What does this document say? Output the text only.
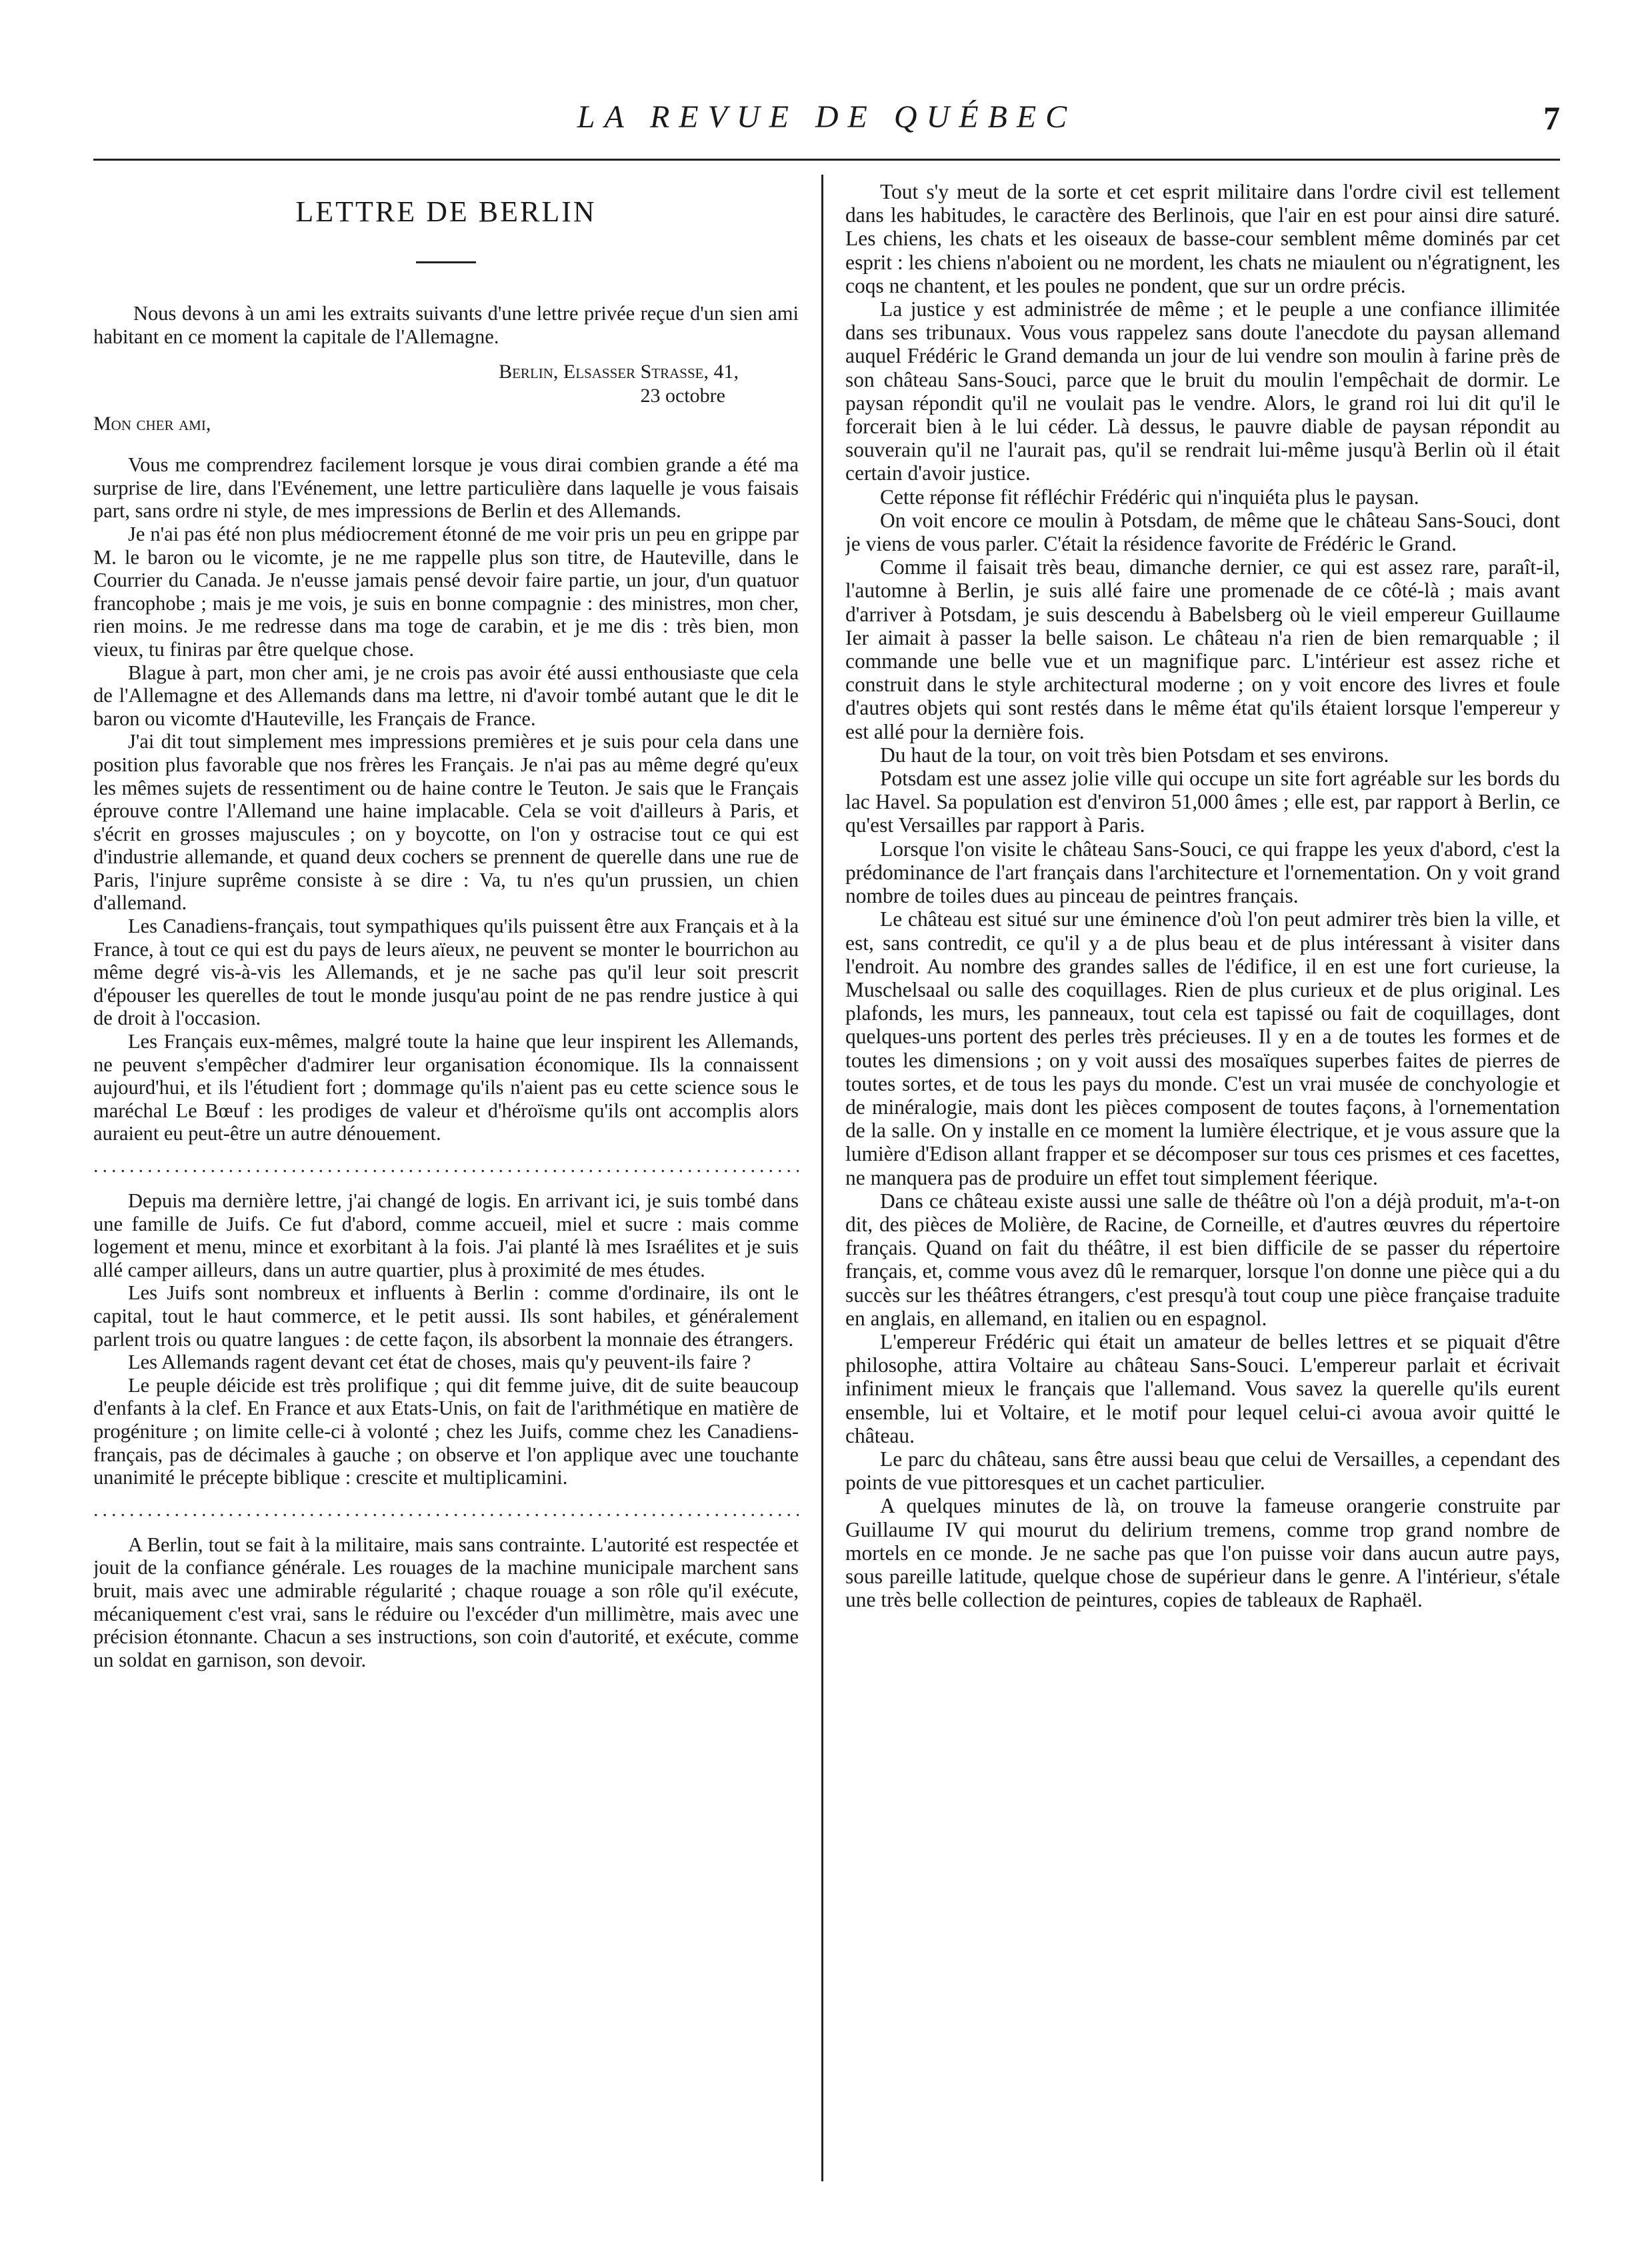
LA REVUE DE QUÉBEC	7
LETTRE DE BERLIN

Nous devons à un ami les extraits suivants d'une lettre privée reçue d'un sien ami habitant en ce moment la capitale de l'Allemagne.

Berlin, Elsasser Strasse, 41,
23 octobre
Mon cher ami,

Vous me comprendrez facilement lorsque je vous dirai combien grande a été ma surprise de lire, dans l'Evénement, une lettre particulière dans laquelle je vous faisais part, sans ordre ni style, de mes impressions de Berlin et des Allemands.

Je n'ai pas été non plus médiocrement étonné de me voir pris un peu en grippe par M. le baron ou le vicomte, je ne me rappelle plus son titre, de Hauteville, dans le Courrier du Canada. Je n'eusse jamais pensé devoir faire partie, un jour, d'un quatuor francophobe ; mais je me vois, je suis en bonne compagnie : des ministres, mon cher, rien moins. Je me redresse dans ma toge de carabin, et je me dis : très bien, mon vieux, tu finiras par être quelque chose.

Blague à part, mon cher ami, je ne crois pas avoir été aussi enthousiaste que cela de l'Allemagne et des Allemands dans ma lettre, ni d'avoir tombé autant que le dit le baron ou vicomte d'Hauteville, les Français de France.

J'ai dit tout simplement mes impressions premières et je suis pour cela dans une position plus favorable que nos frères les Français. Je n'ai pas au même degré qu'eux les mêmes sujets de ressentiment ou de haine contre le Teuton. Je sais que le Français éprouve contre l'Allemand une haine implacable. Cela se voit d'ailleurs à Paris, et s'écrit en grosses majuscules ; on y boycotte, on l'on y ostracise tout ce qui est d'industrie allemande, et quand deux cochers se prennent de querelle dans une rue de Paris, l'injure suprême consiste à se dire : Va, tu n'es qu'un prussien, un chien d'allemand.

Les Canadiens-français, tout sympathiques qu'ils puissent être aux Français et à la France, à tout ce qui est du pays de leurs aïeux, ne peuvent se monter le bourrichon au même degré vis-à-vis les Allemands, et je ne sache pas qu'il leur soit prescrit d'épouser les querelles de tout le monde jusqu'au point de ne pas rendre justice à qui de droit à l'occasion.

Les Français eux-mêmes, malgré toute la haine que leur inspirent les Allemands, ne peuvent s'empêcher d'admirer leur organisation économique. Ils la connaissent aujourd'hui, et ils l'étudient fort ; dommage qu'ils n'aient pas eu cette science sous le maréchal Le Bœuf : les prodiges de valeur et d'héroïsme qu'ils ont accomplis alors auraient eu peut-être un autre dénouement.

.....

Depuis ma dernière lettre, j'ai changé de logis. En arrivant ici, je suis tombé dans une famille de Juifs. Ce fut d'abord, comme accueil, miel et sucre : mais comme logement et menu, mince et exorbitant à la fois. J'ai planté là mes Israélites et je suis allé camper ailleurs, dans un autre quartier, plus à proximité de mes études.

Les Juifs sont nombreux et influents à Berlin : comme d'ordinaire, ils ont le capital, tout le haut commerce, et le petit aussi. Ils sont habiles, et généralement parlent trois ou quatre langues : de cette façon, ils absorbent la monnaie des étrangers.

Les Allemands ragent devant cet état de choses, mais qu'y peuvent-ils faire ?

Le peuple déicide est très prolifique ; qui dit femme juive, dit de suite beaucoup d'enfants à la clef. En France et aux Etats-Unis, on fait de l'arithmétique en matière de progéniture ; on limite celle-ci à volonté ; chez les Juifs, comme chez les Canadiens-français, pas de décimales à gauche ; on observe et l'on applique avec une touchante unanimité le précepte biblique : crescite et multiplicamini.

.....

A Berlin, tout se fait à la militaire, mais sans contrainte. L'autorité est respectée et jouit de la confiance générale. Les rouages de la machine municipale marchent sans bruit, mais avec une admirable régularité ; chaque rouage a son rôle qu'il exécute, mécaniquement c'est vrai, sans le réduire ou l'excéder d'un millimètre, mais avec une précision étonnante. Chacun a ses instructions, son coin d'autorité, et exécute, comme un soldat en garnison, son devoir.

Tout s'y meut de la sorte et cet esprit militaire dans l'ordre civil est tellement dans les habitudes, le caractère des Berlinois, que l'air en est pour ainsi dire saturé. Les chiens, les chats et les oiseaux de basse-cour semblent même dominés par cet esprit : les chiens n'aboient ou ne mordent, les chats ne miaulent ou n'égratignent, les coqs ne chantent, et les poules ne pondent, que sur un ordre précis.

La justice y est administrée de même ; et le peuple a une confiance illimitée dans ses tribunaux. Vous vous rappelez sans doute l'anecdote du paysan allemand auquel Frédéric le Grand demanda un jour de lui vendre son moulin à farine près de son château Sans-Souci, parce que le bruit du moulin l'empêchait de dormir. Le paysan répondit qu'il ne voulait pas le vendre. Alors, le grand roi lui dit qu'il le forcerait bien à le lui céder. Là dessus, le pauvre diable de paysan répondit au souverain qu'il ne l'aurait pas, qu'il se rendrait lui-même jusqu'à Berlin où il était certain d'avoir justice.

Cette réponse fit réfléchir Frédéric qui n'inquiéta plus le paysan.

On voit encore ce moulin à Potsdam, de même que le château Sans-Souci, dont je viens de vous parler. C'était la résidence favorite de Frédéric le Grand.

Comme il faisait très beau, dimanche dernier, ce qui est assez rare, paraît-il, l'automne à Berlin, je suis allé faire une promenade de ce côté-là ; mais avant d'arriver à Potsdam, je suis descendu à Babelsberg où le vieil empereur Guillaume Ier aimait à passer la belle saison. Le château n'a rien de bien remarquable ; il commande une belle vue et un magnifique parc. L'intérieur est assez riche et construit dans le style architectural moderne ; on y voit encore des livres et foule d'autres objets qui sont restés dans le même état qu'ils étaient lorsque l'empereur y est allé pour la dernière fois.

Du haut de la tour, on voit très bien Potsdam et ses environs.

Potsdam est une assez jolie ville qui occupe un site fort agréable sur les bords du lac Havel. Sa population est d'environ 51,000 âmes ; elle est, par rapport à Berlin, ce qu'est Versailles par rapport à Paris.

Lorsque l'on visite le château Sans-Souci, ce qui frappe les yeux d'abord, c'est la prédominance de l'art français dans l'architecture et l'ornementation. On y voit grand nombre de toiles dues au pinceau de peintres français.

Le château est situé sur une éminence d'où l'on peut admirer très bien la ville, et est, sans contredit, ce qu'il y a de plus beau et de plus intéressant à visiter dans l'endroit. Au nombre des grandes salles de l'édifice, il en est une fort curieuse, la Muschelsaal ou salle des coquillages. Rien de plus curieux et de plus original. Les plafonds, les murs, les panneaux, tout cela est tapissé ou fait de coquillages, dont quelques-uns portent des perles très précieuses. Il y en a de toutes les formes et de toutes les dimensions ; on y voit aussi des mosaïques superbes faites de pierres de toutes sortes, et de tous les pays du monde. C'est un vrai musée de conchyologie et de minéralogie, mais dont les pièces composent de toutes façons, à l'ornementation de la salle. On y installe en ce moment la lumière électrique, et je vous assure que la lumière d'Edison allant frapper et se décomposer sur tous ces prismes et ces facettes, ne manquera pas de produire un effet tout simplement féerique.

Dans ce château existe aussi une salle de théâtre où l'on a déjà produit, m'a-t-on dit, des pièces de Molière, de Racine, de Corneille, et d'autres œuvres du répertoire français. Quand on fait du théâtre, il est bien difficile de se passer du répertoire français, et, comme vous avez dû le remarquer, lorsque l'on donne une pièce qui a du succès sur les théâtres étrangers, c'est presqu'à tout coup une pièce française traduite en anglais, en allemand, en italien ou en espagnol.

L'empereur Frédéric qui était un amateur de belles lettres et se piquait d'être philosophe, attira Voltaire au château Sans-Souci. L'empereur parlait et écrivait infiniment mieux le français que l'allemand. Vous savez la querelle qu'ils eurent ensemble, lui et Voltaire, et le motif pour lequel celui-ci avoua avoir quitté le château.

Le parc du château, sans être aussi beau que celui de Versailles, a cependant des points de vue pittoresques et un cachet particulier.

A quelques minutes de là, on trouve la fameuse orangerie construite par Guillaume IV qui mourut du delirium tremens, comme trop grand nombre de mortels en ce monde. Je ne sache pas que l'on puisse voir dans aucun autre pays, sous pareille latitude, quelque chose de supérieur dans le genre. A l'intérieur, s'étale une très belle collection de peintures, copies de tableaux de Raphaël.
